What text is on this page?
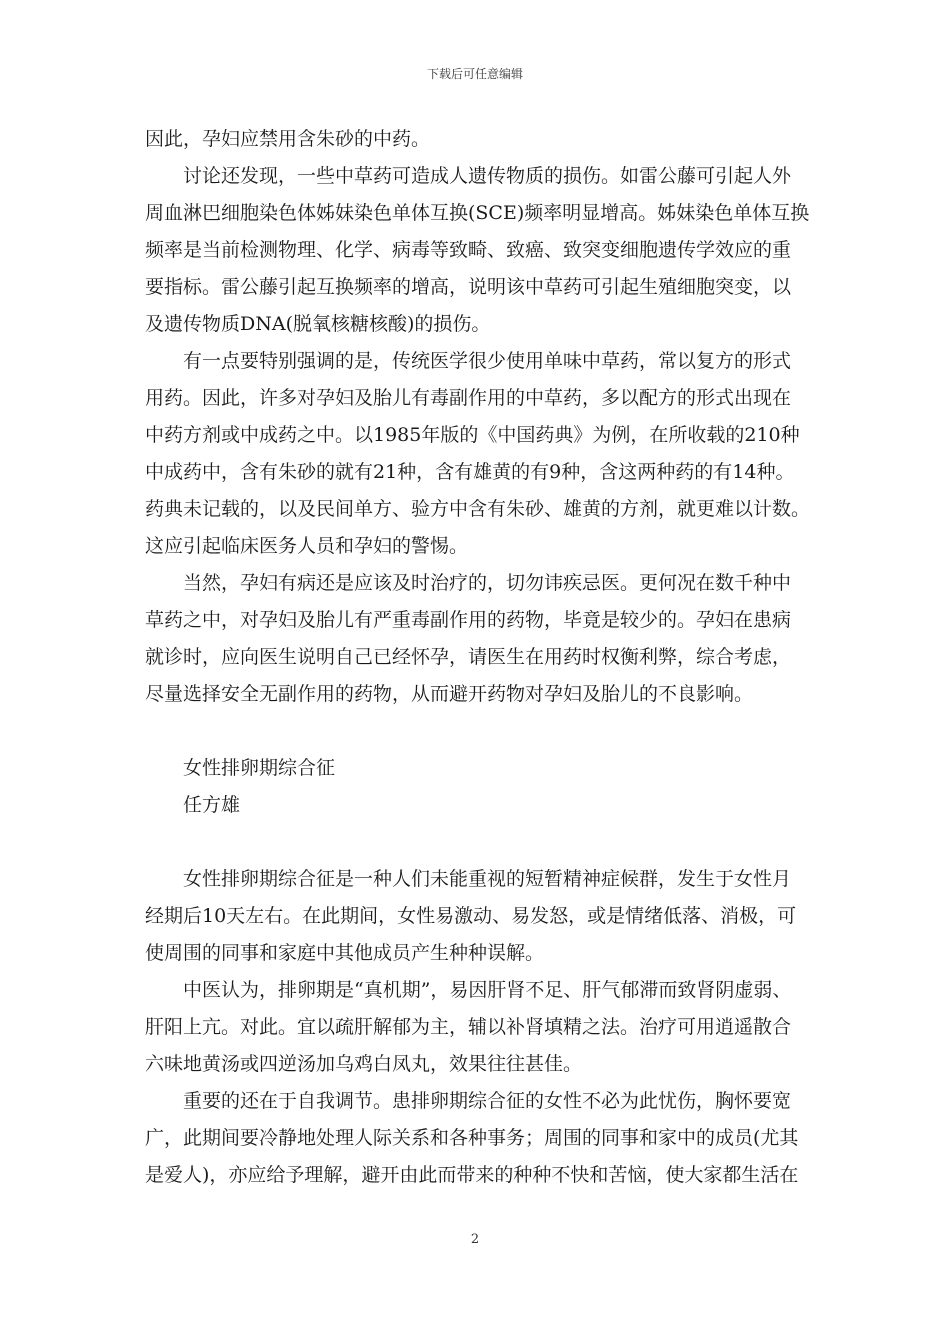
下载后可任意编辑
因此，孕妇应禁用含朱砂的中药。
讨论还发现，一些中草药可造成人遗传物质的损伤。如雷公藤可引起人外
周血淋巴细胞染色体姊妹染色单体互换(SCE)频率明显增高。姊妹染色单体互换
频率是当前检测物理、化学、病毒等致畸、致癌、致突变细胞遗传学效应的重
要指标。雷公藤引起互换频率的增高，说明该中草药可引起生殖细胞突变，以
及遗传物质DNA(脱氧核糖核酸)的损伤。
有一点要特别强调的是，传统医学很少使用单味中草药，常以复方的形式
用药。因此，许多对孕妇及胎儿有毒副作用的中草药，多以配方的形式出现在
中药方剂或中成药之中。以1985年版的《中国药典》为例，在所收载的210种
中成药中，含有朱砂的就有21种，含有雄黄的有9种，含这两种药的有14种。
药典未记载的，以及民间单方、验方中含有朱砂、雄黄的方剂，就更难以计数。
这应引起临床医务人员和孕妇的警惕。
当然，孕妇有病还是应该及时治疗的，切勿讳疾忌医。更何况在数千种中
草药之中，对孕妇及胎儿有严重毒副作用的药物，毕竟是较少的。孕妇在患病
就诊时，应向医生说明自己已经怀孕，请医生在用药时权衡利弊，综合考虑，
尽量选择安全无副作用的药物，从而避开药物对孕妇及胎儿的不良影响。
女性排卵期综合征
任方雄
女性排卵期综合征是一种人们未能重视的短暂精神症候群，发生于女性月
经期后10天左右。在此期间，女性易激动、易发怒，或是情绪低落、消极，可
使周围的同事和家庭中其他成员产生种种误解。
中医认为，排卵期是“真机期”，易因肝肾不足、肝气郁滞而致肾阴虚弱、
肝阳上亢。对此。宜以疏肝解郁为主，辅以补肾填精之法。治疗可用逍遥散合
六味地黄汤或四逆汤加乌鸡白凤丸，效果往往甚佳。
重要的还在于自我调节。患排卵期综合征的女性不必为此忧伤，胸怀要宽
广，此期间要冷静地处理人际关系和各种事务；周围的同事和家中的成员(尤其
是爱人)，亦应给予理解，避开由此而带来的种种不快和苦恼，使大家都生活在
2
